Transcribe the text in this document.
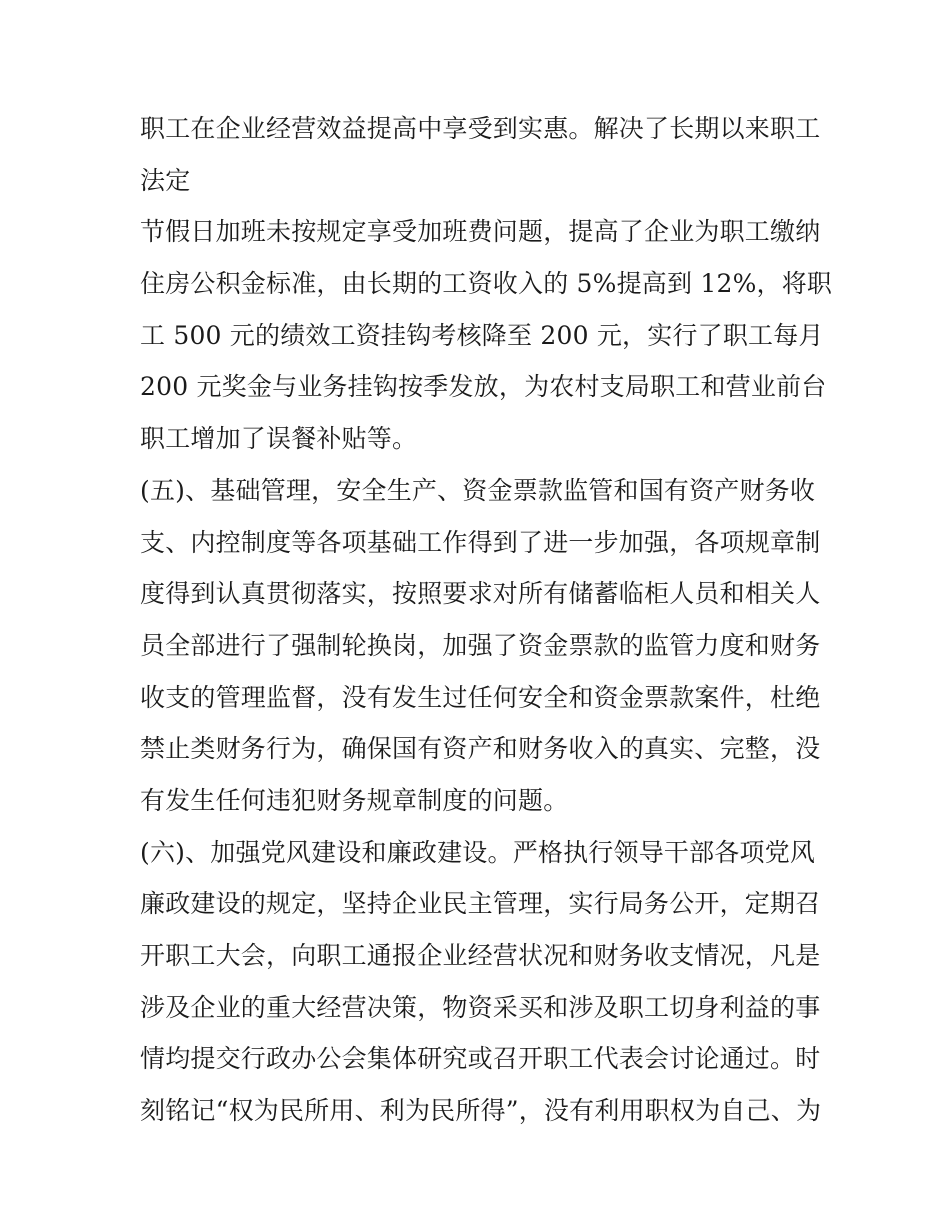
职工在企业经营效益提高中享受到实惠。解决了长期以来职工
法定
节假日加班未按规定享受加班费问题，提高了企业为职工缴纳
住房公积金标准，由长期的工资收入的 5%提高到 12%，将职
工 500 元的绩效工资挂钩考核降至 200 元，实行了职工每月
200 元奖金与业务挂钩按季发放，为农村支局职工和营业前台
职工增加了误餐补贴等。
(五)、基础管理，安全生产、资金票款监管和国有资产财务收
支、内控制度等各项基础工作得到了进一步加强，各项规章制
度得到认真贯彻落实，按照要求对所有储蓄临柜人员和相关人
员全部进行了强制轮换岗，加强了资金票款的监管力度和财务
收支的管理监督，没有发生过任何安全和资金票款案件，杜绝
禁止类财务行为，确保国有资产和财务收入的真实、完整，没
有发生任何违犯财务规章制度的问题。
(六)、加强党风建设和廉政建设。严格执行领导干部各项党风
廉政建设的规定，坚持企业民主管理，实行局务公开，定期召
开职工大会，向职工通报企业经营状况和财务收支情况，凡是
涉及企业的重大经营决策，物资采买和涉及职工切身利益的事
情均提交行政办公会集体研究或召开职工代表会讨论通过。时
刻铭记“权为民所用、利为民所得”，没有利用职权为自己、为
